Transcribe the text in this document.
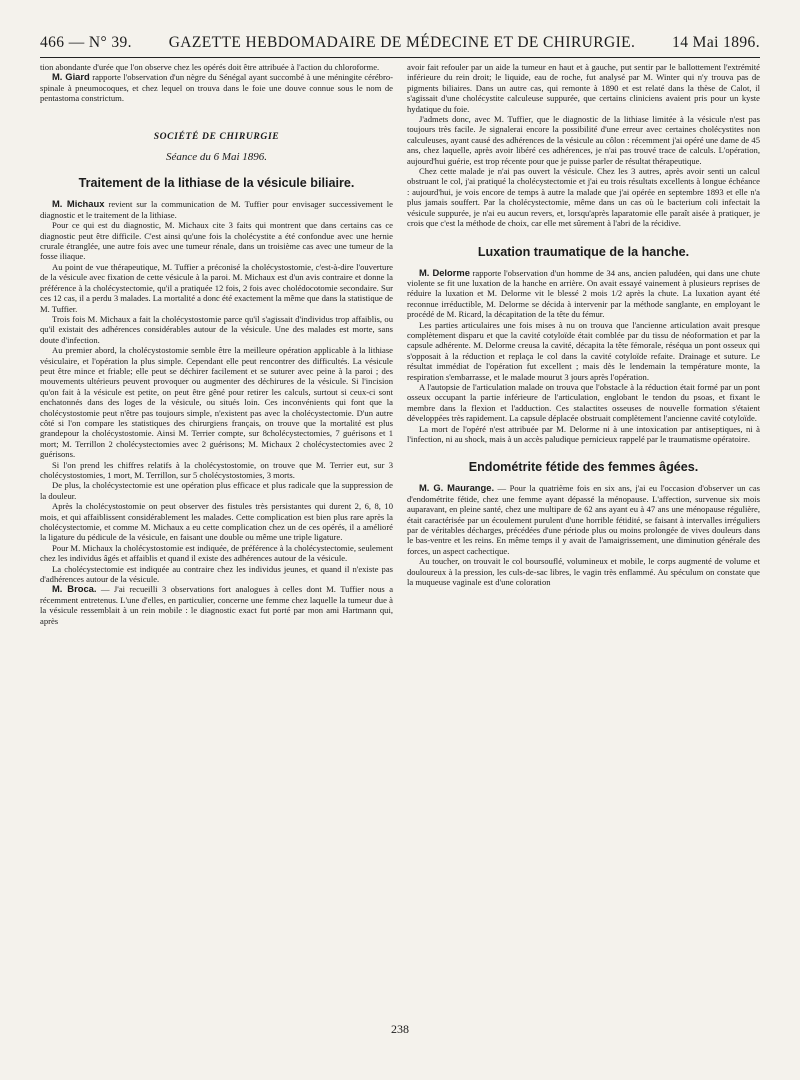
466 — N° 39. GAZETTE HEBDOMADAIRE DE MÉDECINE ET DE CHIRURGIE. 14 Mai 1896.

tion abondante d'urée que l'on observe chez les opérés doit être attribuée à l'action du chloroforme.

M. Giard rapporte l'observation d'un nègre du Sénégal ayant succombé à une méningite cérébro-spinale à pneumocoques, et chez lequel on trouva dans le foie une douve connue sous le nom de pentastoma constrictum.

SOCIÉTÉ DE CHIRURGIE
Séance du 6 Mai 1896.
Traitement de la lithiase de la vésicule biliaire.

M. Michaux revient sur la communication de M. Tuffier pour envisager successivement le diagnostic et le traitement de la lithiase.

Pour ce qui est du diagnostic, M. Michaux cite 3 faits qui montrent que dans certains cas ce diagnostic peut être difficile. C'est ainsi qu'une fois la cholécystite a été confondue avec une hernie crurale étranglée, une autre fois avec une tumeur rénale, dans un troisième cas avec une tumeur de la fosse iliaque.

Au point de vue thérapeutique, M. Tuffier a préconisé la cholécystostomie, c'est-à-dire l'ouverture de la vésicule avec fixation de cette vésicule à la paroi. M. Michaux est d'un avis contraire et donne la préférence à la cholécystectomie, qu'il a pratiquée 12 fois, 2 fois avec cholédocotomie secondaire. Sur ces 12 cas, il a perdu 3 malades. La mortalité a donc été exactement la même que dans la statistique de M. Tuffier.

Trois fois M. Michaux a fait la cholécystostomie parce qu'il s'agissait d'individus trop affaiblis, ou qu'il existait des adhérences considérables autour de la vésicule. Une des malades est morte, sans doute d'infection.

Au premier abord, la cholécystostomie semble être la meilleure opération applicable à la lithiase vésiculaire, et l'opération la plus simple. Cependant elle peut rencontrer des difficultés. La vésicule peut être mince et friable; elle peut se déchirer facilement et se suturer avec peine à la paroi ; des mouvements ultérieurs peuvent provoquer ou augmenter des déchirures de la vésicule. Si l'incision qu'on fait à la vésicule est petite, on peut être gêné pour retirer les calculs, surtout si ceux-ci sont enchatonnés dans des loges de la vésicule, ou situés loin. Ces inconvénients qui font que la cholécystostomie peut n'être pas toujours simple, n'existent pas avec la cholécystectomie. D'un autre côté si l'on compare les statistiques des chirurgiens français, on trouve que la mortalité est plus grandepour la cholécystostomie. Ainsi M. Terrier compte, sur 8cholécystectomies, 7 guérisons et 1 mort; M. Terrillon 2 cholécystectomies avec 2 guérisons; M. Michaux 2 cholécystectomies avec 2 guérisons.

Si l'on prend les chiffres relatifs à la cholécystostomie, on trouve que M. Terrier eut, sur 3 cholécystostomies, 1 mort, M. Terrillon, sur 5 cholécystostomies, 3 morts.

De plus, la cholécystectomie est une opération plus efficace et plus radicale que la suppression de la douleur.

Après la cholécystostomie on peut observer des fistules très persistantes qui durent 2, 6, 8, 10 mois, et qui affaiblissent considérablement les malades. Cette complication est bien plus rare après la cholécystectomie, et comme M. Michaux a eu cette complication chez un de ces opérés, il a amélioré la ligature du pédicule de la vésicule, en faisant une double ou même une triple ligature.

Pour M. Michaux la cholécystostomie est indiquée, de préférence à la cholécystectomie, seulement chez les individus âgés et affaiblis et quand il existe des adhérences autour de la vésicule.

La cholécystectomie est indiquée au contraire chez les individus jeunes, et quand il n'existe pas d'adhérences autour de la vésicule.

M. Broca. — J'ai recueilli 3 observations fort analogues à celles dont M. Tuffier nous a récemment entretenus. L'une d'elles, en particulier, concerne une femme chez laquelle la tumeur due à la vésicule ressemblait à un rein mobile : le diagnostic exact fut porté par mon ami Hartmann qui, après

avoir fait refouler par un aide la tumeur en haut et à gauche, put sentir par le ballottement l'extrémité inférieure du rein droit; le liquide, eau de roche, fut analysé par M. Winter qui n'y trouva pas de pigments biliaires. Dans un autre cas, qui remonte à 1890 et est relaté dans la thèse de Calot, il s'agissait d'une cholécystite calculeuse suppurée, que certains cliniciens avaient pris pour un kyste hydatique du foie.

J'admets donc, avec M. Tuffier, que le diagnostic de la lithiase limitée à la vésicule n'est pas toujours très facile. Je signalerai encore la possibilité d'une erreur avec certaines cholécystites non calculeuses, ayant causé des adhérences de la vésicule au côlon : récemment j'ai opéré une dame de 45 ans, chez laquelle, après avoir libéré ces adhérences, je n'ai pas trouvé trace de calculs. L'opération, aujourd'hui guérie, est trop récente pour que je puisse parler de résultat thérapeutique.

Chez cette malade je n'ai pas ouvert la vésicule. Chez les 3 autres, après avoir senti un calcul obstruant le col, j'ai pratiqué la cholécystectomie et j'ai eu trois résultats excellents à longue échéance : aujourd'hui, je vois encore de temps à autre la malade que j'ai opérée en septembre 1893 et elle n'a plus jamais souffert. Par la cholécystectomie, même dans un cas où le bacterium coli infectait la vésicule suppurée, je n'ai eu aucun revers, et, lorsqu'après laparatomie elle paraît aisée à pratiquer, je crois que c'est la méthode de choix, car elle met sûrement à l'abri de la récidive.

Luxation traumatique de la hanche.

M. Delorme rapporte l'observation d'un homme de 34 ans, ancien paludéen, qui dans une chute violente se fit une luxation de la hanche en arrière. On avait essayé vainement à plusieurs reprises de réduire la luxation et M. Delorme vit le blessé 2 mois 1/2 après la chute. La luxation ayant été reconnue irréductible, M. Delorme se décida à intervenir par la méthode sanglante, en employant le procédé de M. Ricard, la décapitation de la tête du fémur.

Les parties articulaires une fois mises à nu on trouva que l'ancienne articulation avait presque complètement disparu et que la cavité cotyloïde était comblée par du tissu de néoformation et par la capsule adhérente. M. Delorme creusa la cavité, décapita la tête fémorale, réséqua un pont osseux qui s'opposait à la réduction et replaça le col dans la cavité cotyloïde refaite. Drainage et suture. Le résultat immédiat de l'opération fut excellent ; mais dès le lendemain la température monte, la respiration s'embarrasse, et le malade mourut 3 jours après l'opération.

A l'autopsie de l'articulation malade on trouva que l'obstacle à la réduction était formé par un pont osseux occupant la partie inférieure de l'articulation, englobant le tendon du psoas, et fixant le membre dans la flexion et l'adduction. Ces stalactites osseuses de nouvelle formation s'étaient développées très rapidement. La capsule déplacée obstruait complètement l'ancienne cavité cotyloïde.

La mort de l'opéré n'est attribuée par M. Delorme ni à une intoxication par antiseptiques, ni à l'infection, ni au shock, mais à un accès paludique pernicieux rappelé par le traumatisme opératoire.

Endométrite fétide des femmes âgées.

M. G. Maurange. — Pour la quatrième fois en six ans, j'ai eu l'occasion d'observer un cas d'endométrite fétide, chez une femme ayant dépassé la ménopause. L'affection, survenue six mois auparavant, en pleine santé, chez une multipare de 62 ans ayant eu à 47 ans une ménopause régulière, était caractérisée par un écoulement purulent d'une horrible fétidité, se faisant à intervalles irréguliers par de véritables décharges, précédées d'une période plus ou moins prolongée de vives douleurs dans le bas-ventre et les reins. En même temps il y avait de l'amaigrissement, une diminution générale des forces, un aspect cachectique.

Au toucher, on trouvait le col boursouflé, volumineux et mobile, le corps augmenté de volume et douloureux à la pression, les culs-de-sac libres, le vagin très enflammé. Au spéculum on constate que la muqueuse vaginale est d'une coloration

238
